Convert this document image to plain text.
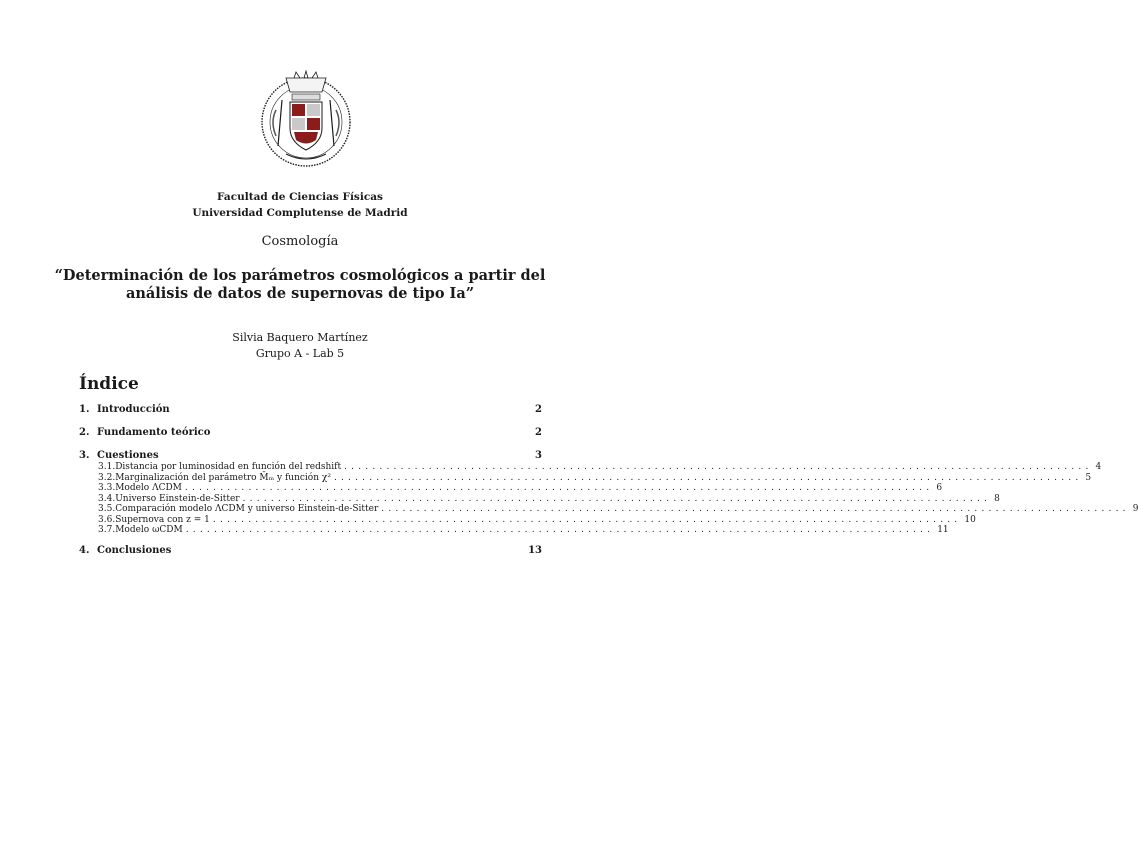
Facultad de Ciencias Físicas
Universidad Complutense de Madrid
Cosmología
“Determinación de los parámetros cosmológicos a partir del
análisis de datos de supernovas de tipo Ia”
Silvia Baquero Martínez
Grupo A - Lab 5
Índice
1. Introducción	2
2. Fundamento teórico	2
3. Cuestiones	3
3.1. Distancia por luminosidad en función del redshift .......................................................................................................... 4
3.2. Marginalización del parámetro M̄ₘ y función χ² .......................................................................................................... 5
3.3. Modelo ΛCDM .......................................................................................................... 6
3.4. Universo Einstein-de-Sitter .......................................................................................................... 8
3.5. Comparación modelo ΛCDM y universo Einstein-de-Sitter .......................................................................................................... 9
3.6. Supernova con z = 1 .......................................................................................................... 10
3.7. Modelo ωCDM .......................................................................................................... 11
4. Conclusiones	13
